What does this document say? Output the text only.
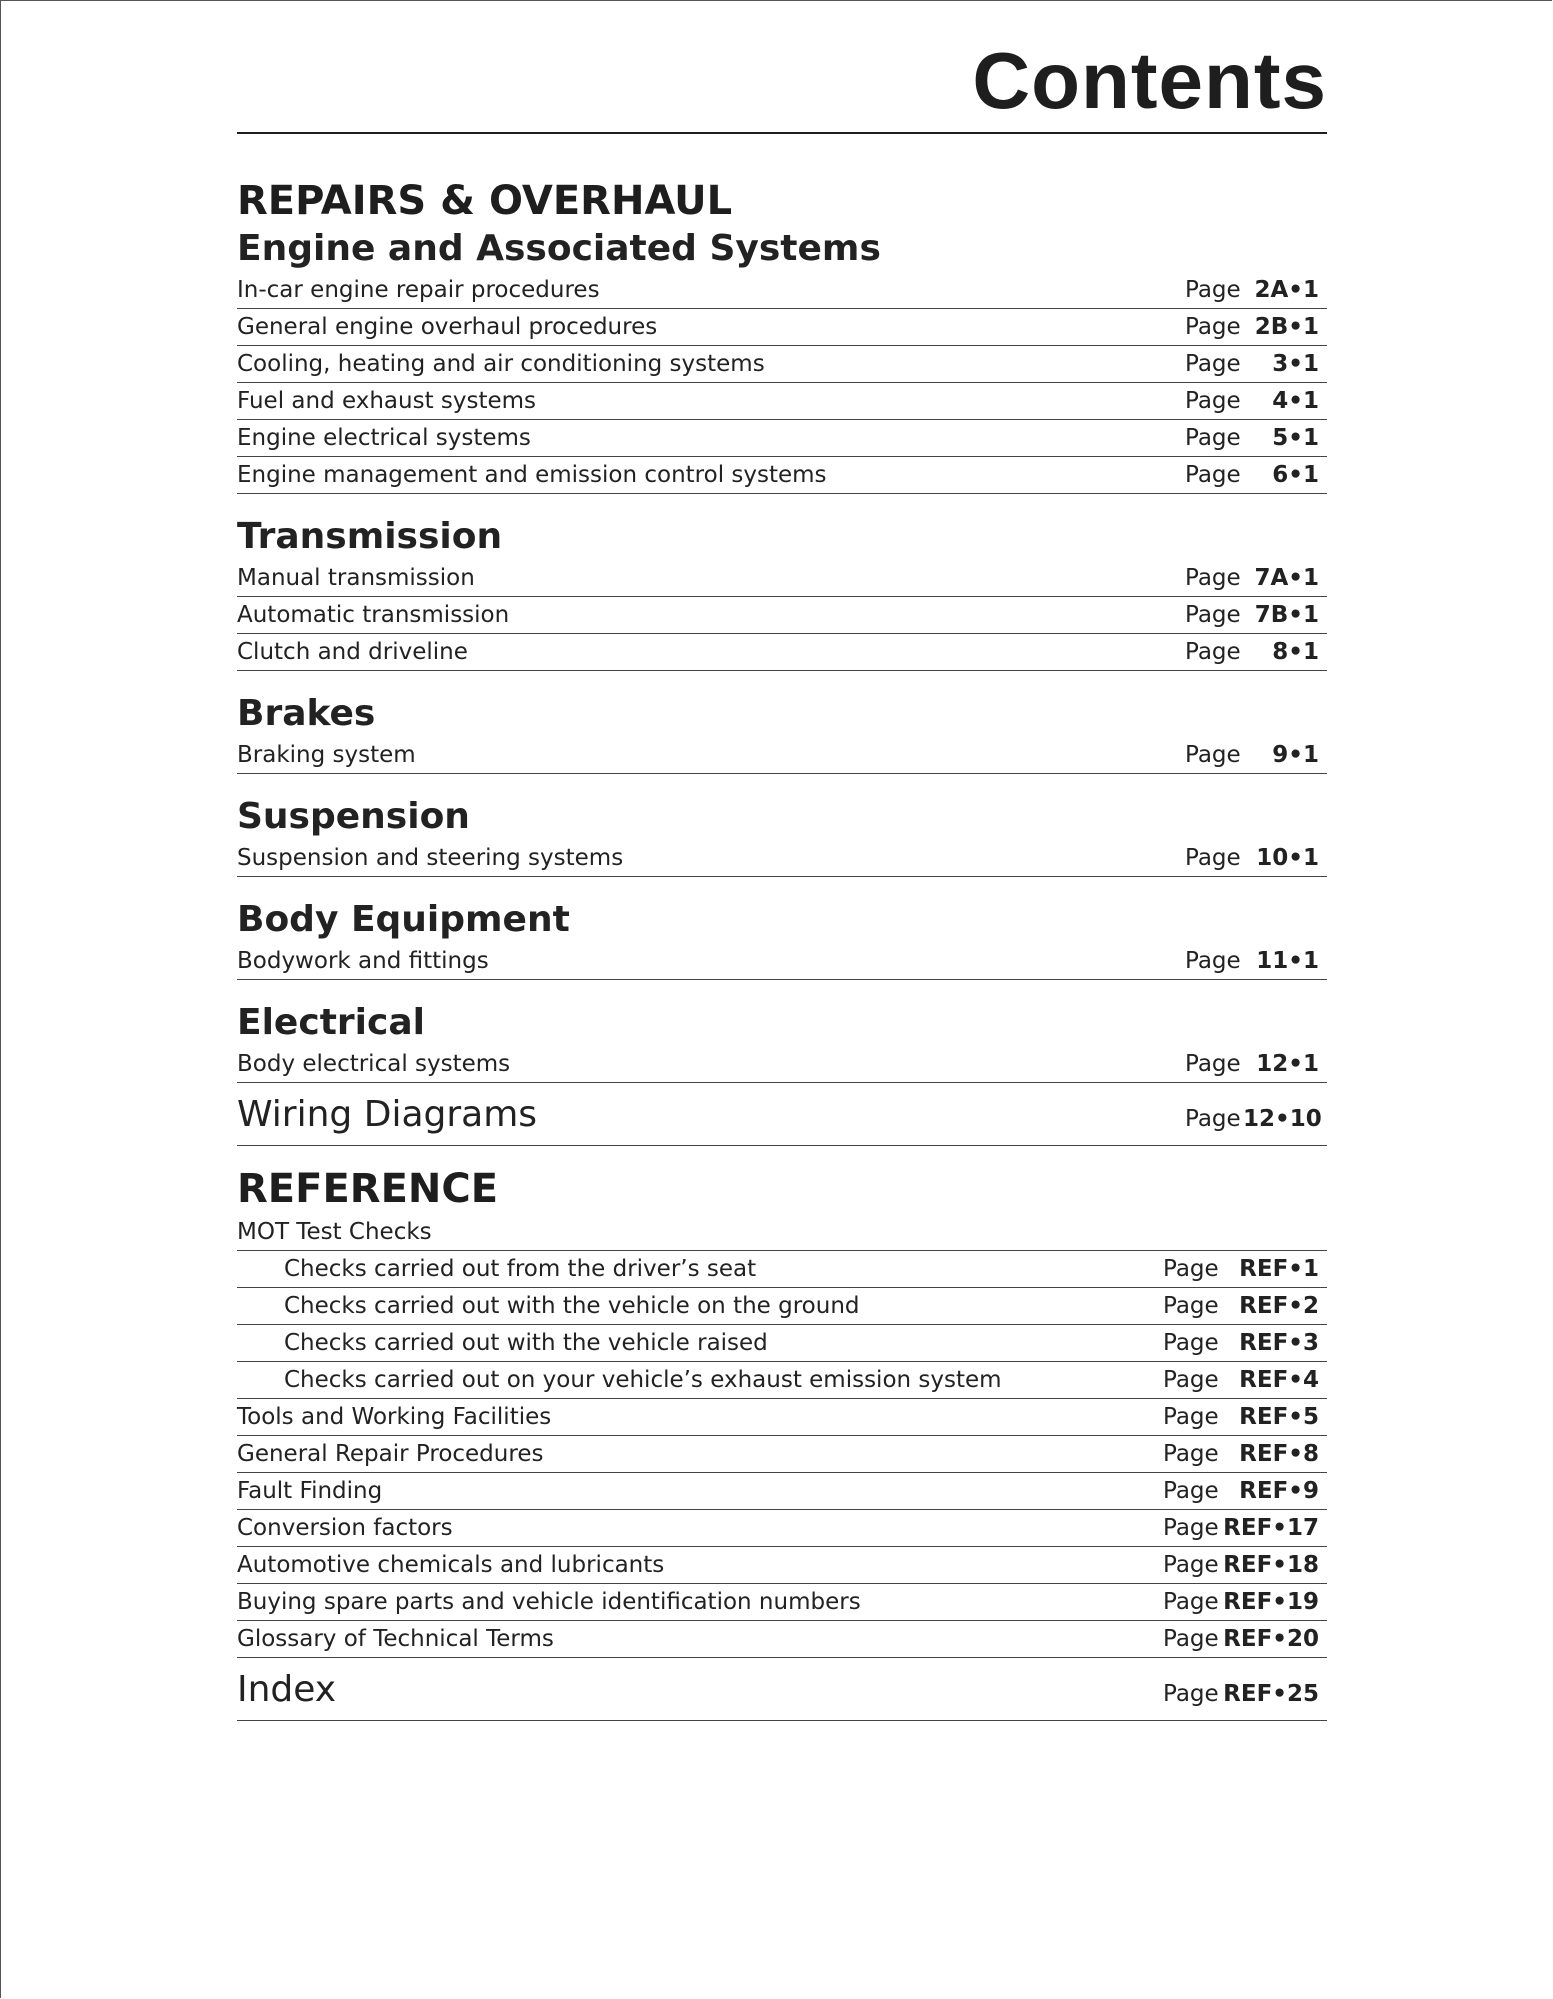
Contents
REPAIRS & OVERHAUL
Engine and Associated Systems
In-car engine repair procedures	Page 2A•1
General engine overhaul procedures	Page 2B•1
Cooling, heating and air conditioning systems	Page	3•1
Fuel and exhaust systems	Page	4•1
Engine electrical systems	Page	5•1
Engine management and emission control systems	Page	6•1
Transmission
Manual transmission	Page 7A•1
Automatic transmission	Page 7B•1
Clutch and driveline	Page	8•1
Brakes
Braking system	Page	9•1
Suspension
Suspension and steering systems	Page 10•1
Body Equipment
Bodywork and fittings	Page 11•1
Electrical
Body electrical systems	Page 12•1
Wiring Diagrams	Page 12•10
REFERENCE
MOT Test Checks
Checks carried out from the driver’s seat	Page REF•1
Checks carried out with the vehicle on the ground	Page REF•2
Checks carried out with the vehicle raised	Page REF•3
Checks carried out on your vehicle’s exhaust emission system	Page REF•4
Tools and Working Facilities	Page REF•5
General Repair Procedures	Page REF•8
Fault Finding	Page REF•9
Conversion factors	Page REF•17
Automotive chemicals and lubricants	Page REF•18
Buying spare parts and vehicle identification numbers	Page REF•19
Glossary of Technical Terms	Page REF•20
Index	Page REF•25
